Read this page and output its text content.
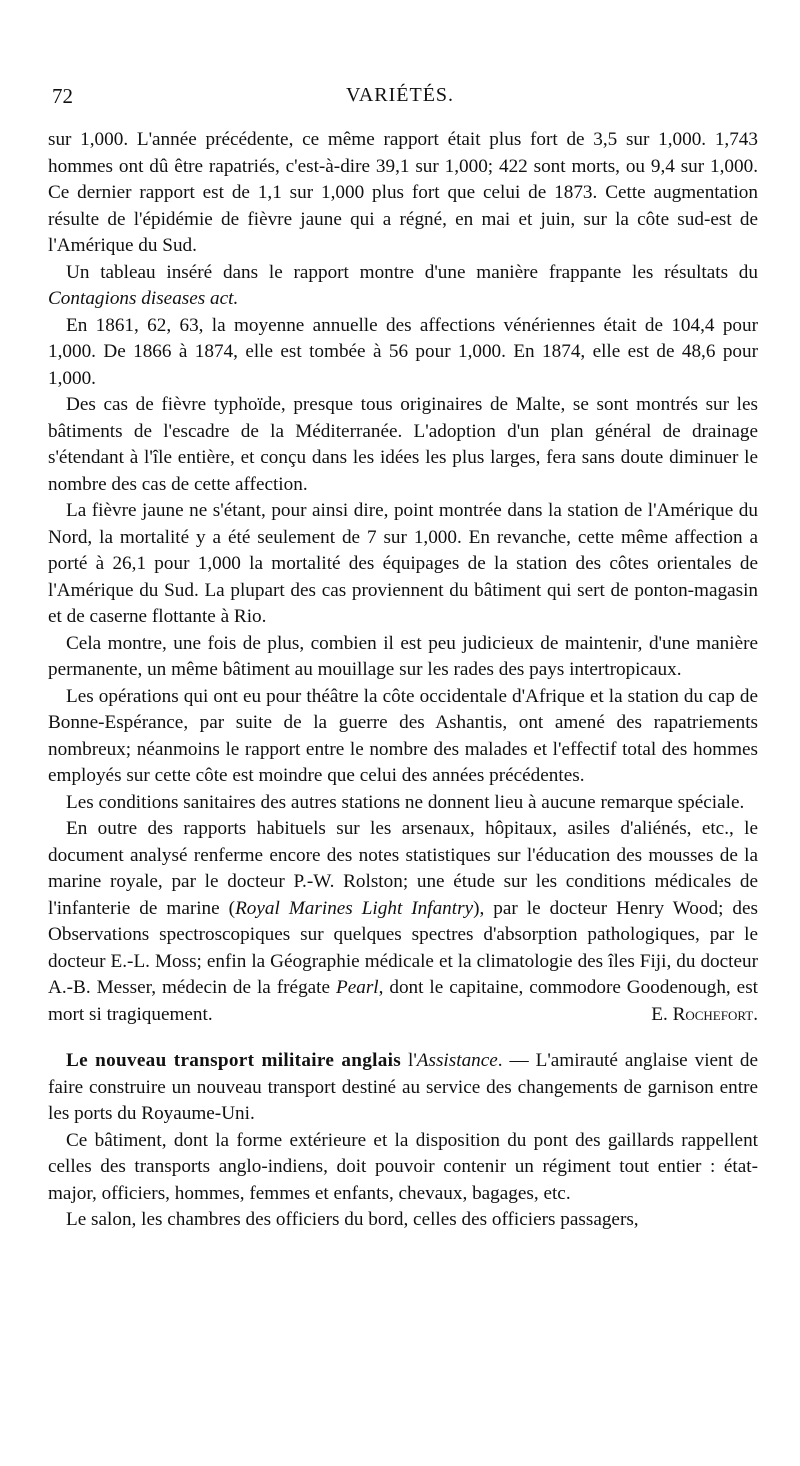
72	VARIÉTÉS.

sur 1,000. L'année précédente, ce même rapport était plus fort de 3,5 sur 1,000. 1,743 hommes ont dû être rapatriés, c'est-à-dire 39,1 sur 1,000; 422 sont morts, ou 9,4 sur 1,000. Ce dernier rapport est de 1,1 sur 1,000 plus fort que celui de 1873. Cette augmentation résulte de l'épidémie de fièvre jaune qui a régné, en mai et juin, sur la côte sud-est de l'Amérique du Sud.

Un tableau inséré dans le rapport montre d'une manière frappante les résultats du Contagions diseases act.

En 1861, 62, 63, la moyenne annuelle des affections vénériennes était de 104,4 pour 1,000. De 1866 à 1874, elle est tombée à 56 pour 1,000. En 1874, elle est de 48,6 pour 1,000.

Des cas de fièvre typhoïde, presque tous originaires de Malte, se sont montrés sur les bâtiments de l'escadre de la Méditerranée. L'adoption d'un plan général de drainage s'étendant à l'île entière, et conçu dans les idées les plus larges, fera sans doute diminuer le nombre des cas de cette affection.

La fièvre jaune ne s'étant, pour ainsi dire, point montrée dans la station de l'Amérique du Nord, la mortalité y a été seulement de 7 sur 1,000. En revanche, cette même affection a porté à 26,1 pour 1,000 la mortalité des équipages de la station des côtes orientales de l'Amérique du Sud. La plupart des cas proviennent du bâtiment qui sert de ponton-magasin et de caserne flottante à Rio.

Cela montre, une fois de plus, combien il est peu judicieux de maintenir, d'une manière permanente, un même bâtiment au mouillage sur les rades des pays intertropicaux.

Les opérations qui ont eu pour théâtre la côte occidentale d'Afrique et la station du cap de Bonne-Espérance, par suite de la guerre des Ashantis, ont amené des rapatriements nombreux; néanmoins le rapport entre le nombre des malades et l'effectif total des hommes employés sur cette côte est moindre que celui des années précédentes.

Les conditions sanitaires des autres stations ne donnent lieu à aucune remarque spéciale.

En outre des rapports habituels sur les arsenaux, hôpitaux, asiles d'aliénés, etc., le document analysé renferme encore des notes statistiques sur l'éducation des mousses de la marine royale, par le docteur P.-W. Rolston; une étude sur les conditions médicales de l'infanterie de marine (Royal Marines Light Infantry), par le docteur Henry Wood; des Observations spectroscopiques sur quelques spectres d'absorption pathologiques, par le docteur E.-L. Moss; enfin la Géographie médicale et la climatologie des îles Fiji, du docteur A.-B. Messer, médecin de la frégate Pearl, dont le capitaine, commodore Goodenough, est mort si tragiquement.	E. Rochefort.

Le nouveau transport militaire anglais l'Assistance. — L'amirauté anglaise vient de faire construire un nouveau transport destiné au service des changements de garnison entre les ports du Royaume-Uni.

Ce bâtiment, dont la forme extérieure et la disposition du pont des gaillards rappellent celles des transports anglo-indiens, doit pouvoir contenir un régiment tout entier : état-major, officiers, hommes, femmes et enfants, chevaux, bagages, etc.

Le salon, les chambres des officiers du bord, celles des officiers passagers,
